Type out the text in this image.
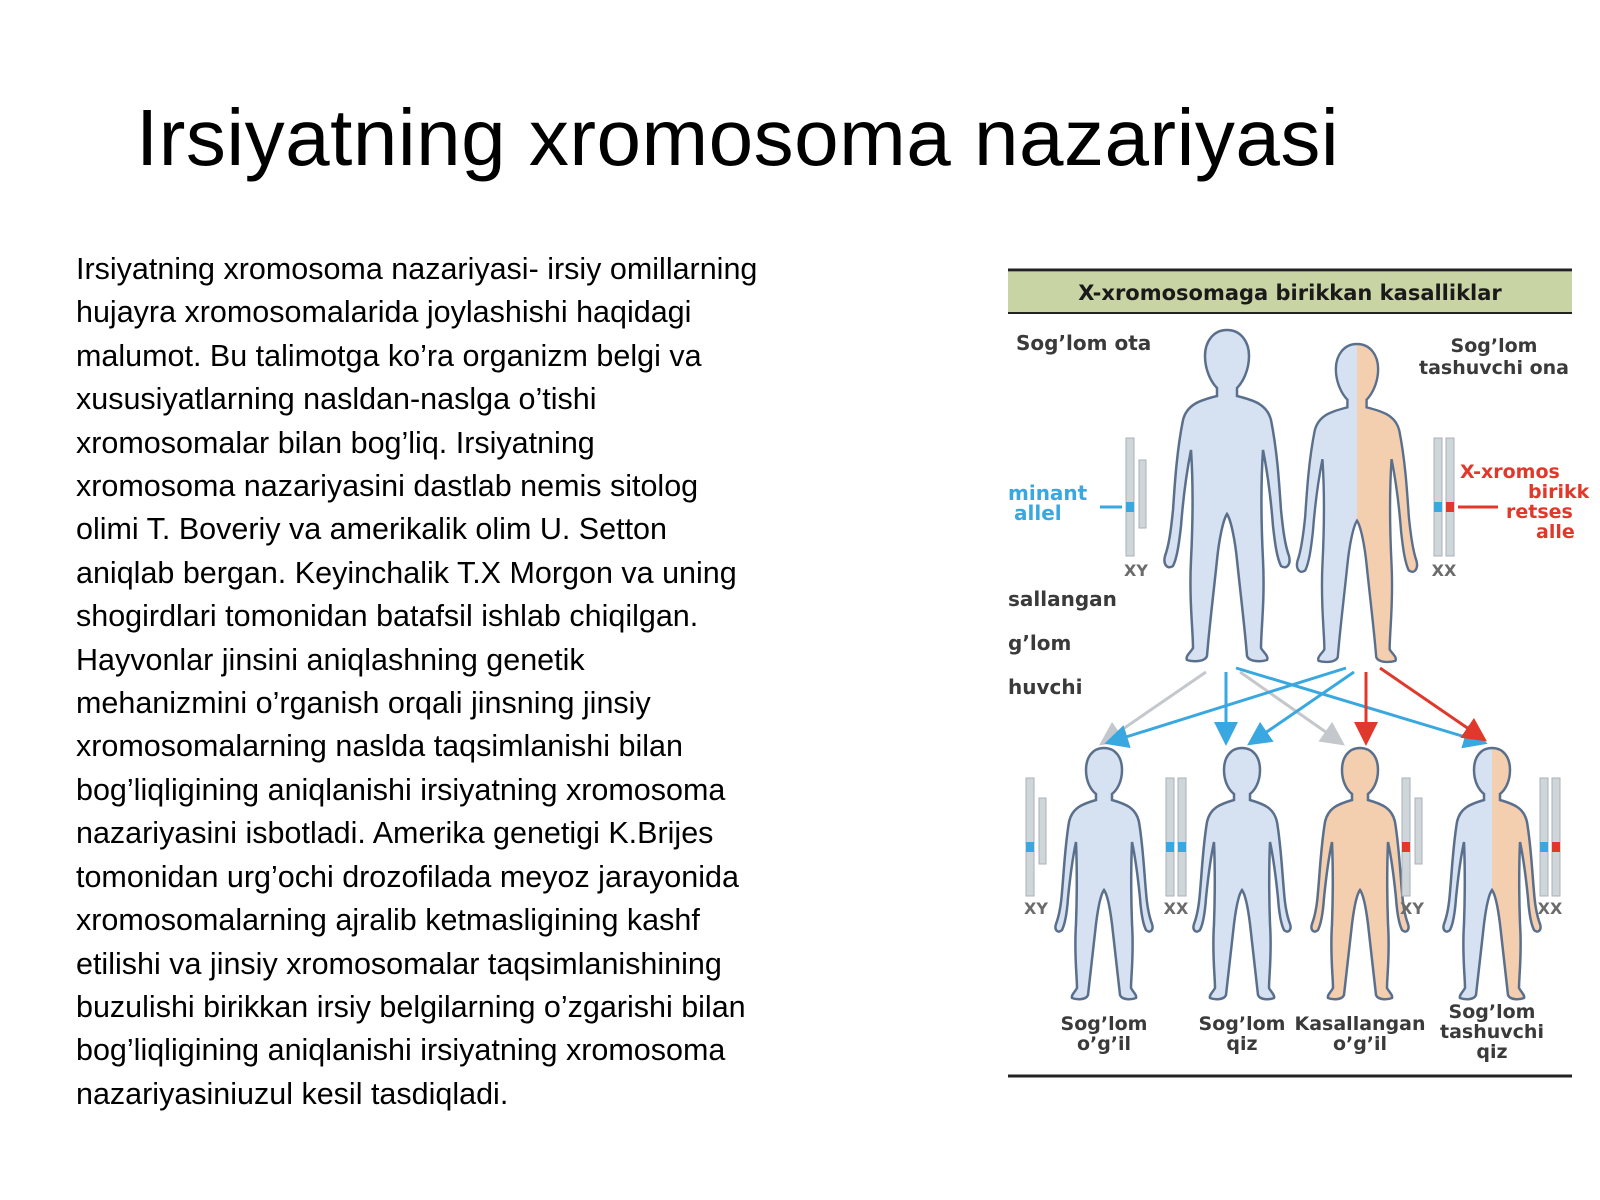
Irsiyatning xromosoma nazariyasi
Irsiyatning xromosoma nazariyasi- irsiy omillarning
hujayra xromosomalarida joylashishi haqidagi
malumot. Bu talimotga ko’ra organizm belgi va
xususiyatlarning nasldan-naslga o’tishi
xromosomalar bilan bog’liq. Irsiyatning
xromosoma nazariyasini dastlab nemis sitolog
olimi T. Boveriy va amerikalik olim U. Setton
aniqlab bergan. Keyinchalik T.X Morgon va uning
shogirdlari tomonidan batafsil ishlab chiqilgan.
Hayvonlar jinsini aniqlashning genetik
mehanizmini o’rganish orqali jinsning jinsiy
xromosomalarning naslda taqsimlanishi bilan
bog’liqligining aniqlanishi irsiyatning xromosoma
nazariyasini isbotladi. Amerika genetigi K.Brijes
tomonidan urg’ochi drozofilada meyoz jarayonida
xromosomalarning ajralib ketmasligining kashf
etilishi va jinsiy xromosomalar taqsimlanishining
buzulishi birikkan irsiy belgilarning o’zgarishi bilan
bog’liqligining aniqlanishi irsiyatning xromosoma
nazariyasiniuzul kesil tasdiqladi.
X-xromosomaga birikkan kasalliklar
Sog’lom ota	Sog’lom
tashuvchi ona
XY
minant
allel
XX
X-xromos
birikk
retses
alle
sallangan
g’lom
huvchi
XY	XX	XY	XX
Sog’lom
o’g’il
Sog’lom
qiz
Kasallangan
o’g’il
Sog’lom
tashuvchi
qiz
